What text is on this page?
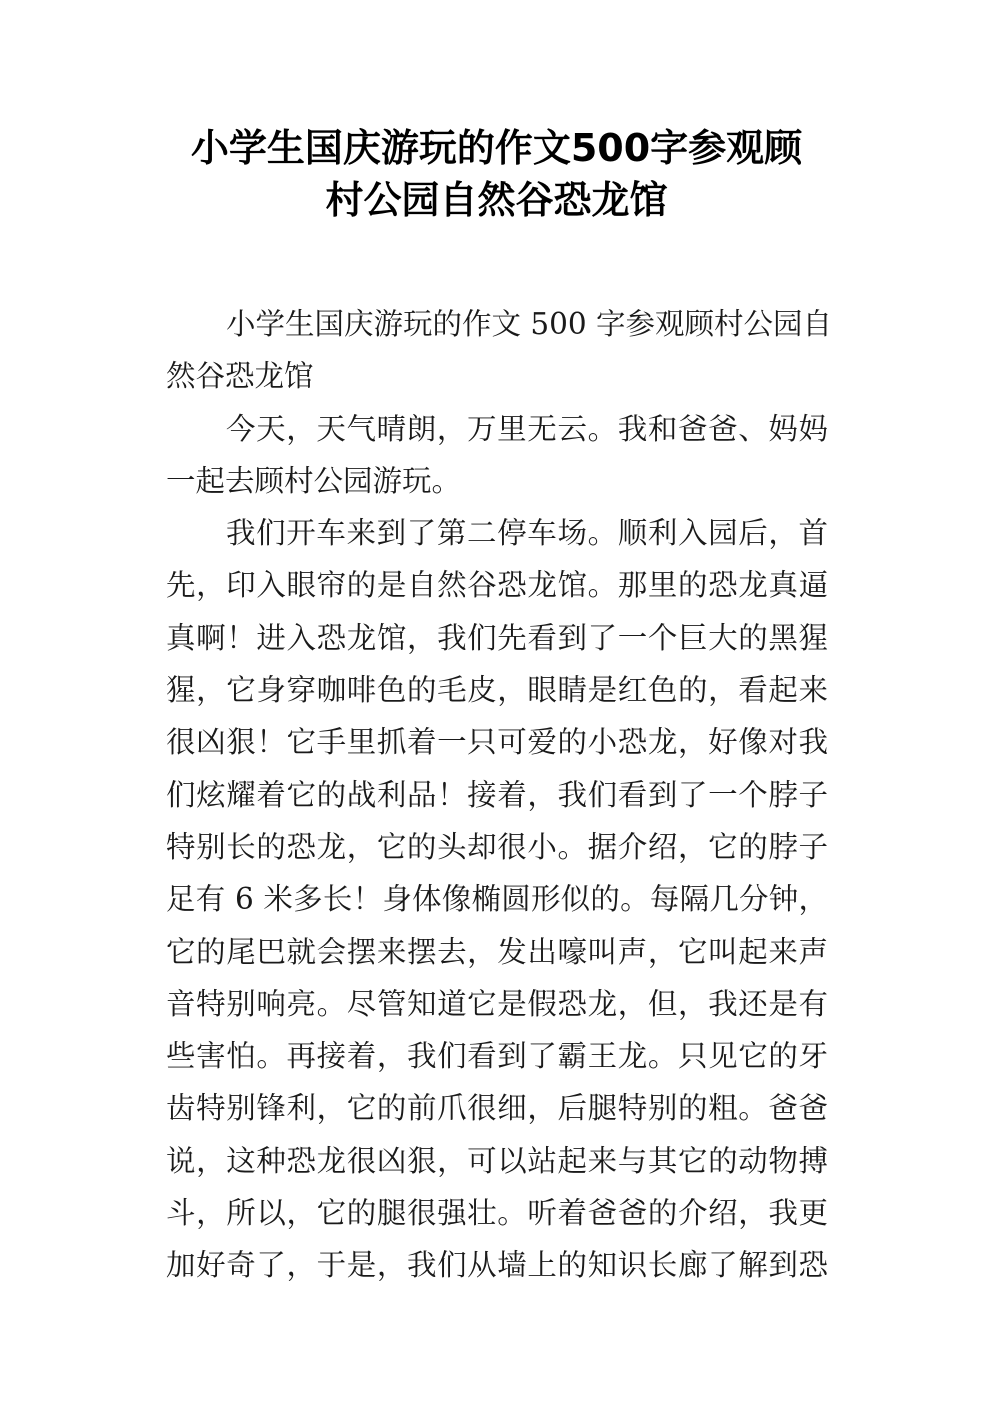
小学生国庆游玩的作文500字参观顾
村公园自然谷恐龙馆
小学生国庆游玩的作文 500 字参观顾村公园自
然谷恐龙馆
今天，天气晴朗，万里无云。我和爸爸、妈妈
一起去顾村公园游玩。
我们开车来到了第二停车场。顺利入园后，首
先，印入眼帘的是自然谷恐龙馆。那里的恐龙真逼
真啊！进入恐龙馆，我们先看到了一个巨大的黑猩
猩，它身穿咖啡色的毛皮，眼睛是红色的，看起来
很凶狠！它手里抓着一只可爱的小恐龙，好像对我
们炫耀着它的战利品！接着，我们看到了一个脖子
特别长的恐龙，它的头却很小。据介绍，它的脖子
足有 6 米多长！身体像椭圆形似的。每隔几分钟，
它的尾巴就会摆来摆去，发出嚎叫声，它叫起来声
音特别响亮。尽管知道它是假恐龙，但，我还是有
些害怕。再接着，我们看到了霸王龙。只见它的牙
齿特别锋利，它的前爪很细，后腿特别的粗。爸爸
说，这种恐龙很凶狠，可以站起来与其它的动物搏
斗，所以，它的腿很强壮。听着爸爸的介绍，我更
加好奇了，于是，我们从墙上的知识长廊了解到恐
